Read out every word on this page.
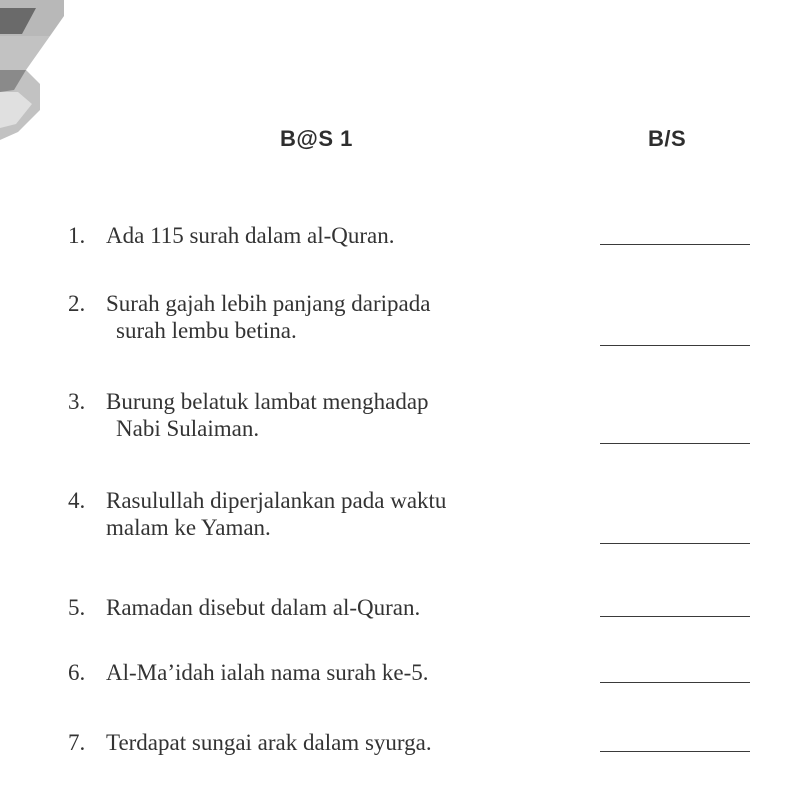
B@S 1	B/S
1. Ada 115 surah dalam al-Quran.
2. Surah gajah lebih panjang daripada
surah lembu betina.
3. Burung belatuk lambat menghadap
Nabi Sulaiman.
4. Rasulullah diperjalankan pada waktu
malam ke Yaman.
5. Ramadan disebut dalam al-Quran.
6. Al-Ma’idah ialah nama surah ke-5.
7. Terdapat sungai arak dalam syurga.
